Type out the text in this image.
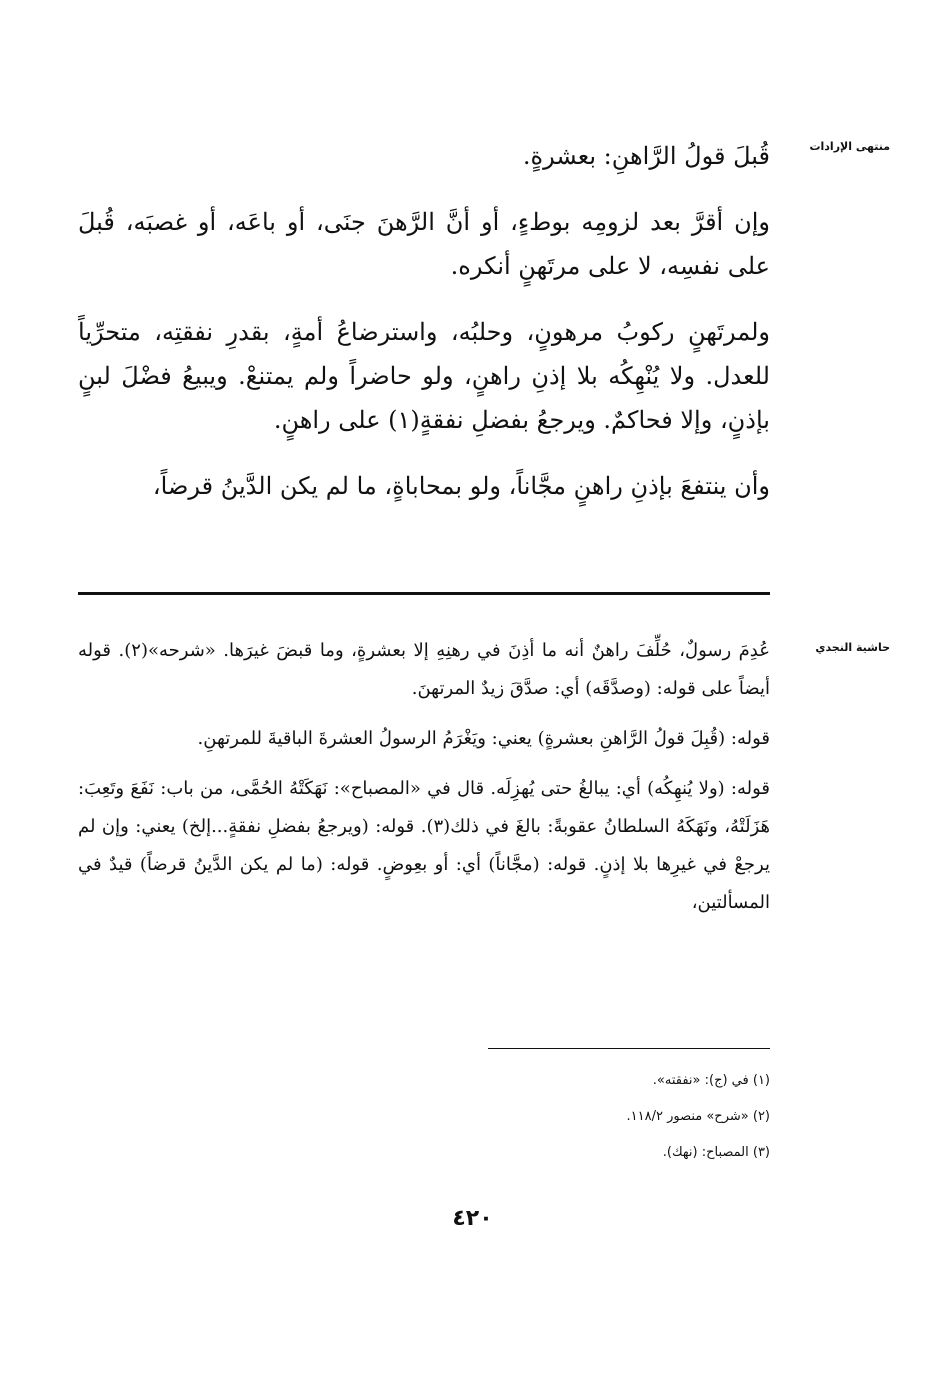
منتهى الإرادات

قُبلَ قولُ الرَّاهنِ: بعشرةٍ.

وإن أقرَّ بعد لزومِه بوطءٍ، أو أنَّ الرَّهنَ جنَى، أو باعَه، أو غصبَه، قُبلَ على نفسِه، لا على مرتَهنٍ أنكره.

ولمرتَهنٍ ركوبُ مرهونٍ، وحلبُه، واسترضاعُ أمةٍ، بقدرِ نفقتِه، متحرِّياً للعدل. ولا يُنْهِكُه بلا إذنِ راهنٍ، ولو حاضراً ولم يمتنعْ. ويبيعُ فضْلَ لبنٍ بإذنٍ، وإلا فحاكمٌ. ويرجعُ بفضلِ نفقةٍ(١) على راهنٍ.

وأن ينتفعَ بإذنِ راهنٍ مجَّاناً، ولو بمحاباةٍ، ما لم يكن الدَّينُ قرضاً،

حاشية النجدي

عُدِمَ رسولٌ، حُلِّفَ راهنٌ أنه ما أذِنَ في رهنِهِ إلا بعشرةٍ، وما قبضَ غيرَها. «شرحه»(٢). قوله أيضاً على قوله: (وصدَّقَه) أي: صدَّقَ زيدٌ المرتهنَ.

قوله: (قُبِلَ قولُ الرَّاهنِ بعشرةٍ) يعني: ويَغْرَمُ الرسولُ العشرةَ الباقيةَ للمرتهنِ.

قوله: (ولا يُنهِكُه) أي: يبالغُ حتى يُهزِلَه. قال في «المصباح»: نَهَكَتْهُ الحُمَّى، من باب: نَفَعَ وتَعِبَ: هَزَلَتْهُ، ونَهَكَهُ السلطانُ عقوبةً: بالغَ في ذلك(٣). قوله: (ويرجعُ بفضلِ نفقةٍ...إلخ) يعني: وإن لم يرجعْ في غيرِها بلا إذنٍ. قوله: (مجَّاناً) أي: أو بعِوضٍ. قوله: (ما لم يكن الدَّينُ قرضاً) قيدٌ في المسألتين،

(١) في (ج): «نفقته».
(٢) «شرح» منصور ١١٨/٢.
(٣) المصباح: (نهك).
٤٢٠
